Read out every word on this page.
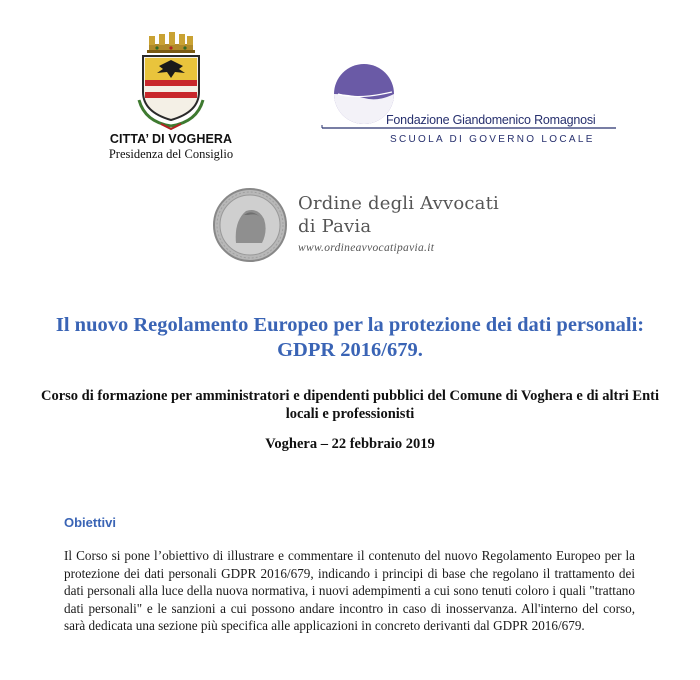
CITTA’ DI VOGHERA
Presidenza del Consiglio
Fondazione Giandomenico Romagnosi
SCUOLA DI GOVERNO LOCALE
Ordine degli Avvocati
di Pavia
www.ordineavvocatipavia.it
Il nuovo Regolamento Europeo per la protezione dei dati personali: GDPR 2016/679.
Corso di formazione per amministratori e dipendenti pubblici del Comune di Voghera e di altri Enti locali e professionisti
Voghera – 22 febbraio 2019
Obiettivi
Il Corso si pone l’obiettivo di illustrare e commentare il contenuto del nuovo Regolamento Europeo per la protezione dei dati personali GDPR 2016/679, indicando i principi di base che regolano il trattamento dei dati personali alla luce della nuova normativa, i nuovi adempimenti a cui sono tenuti coloro i quali "trattano dati personali" e le sanzioni a cui possono andare incontro in caso di inosservanza. All'interno del corso, sarà dedicata una sezione più specifica alle applicazioni in concreto derivanti dal GDPR 2016/679.
